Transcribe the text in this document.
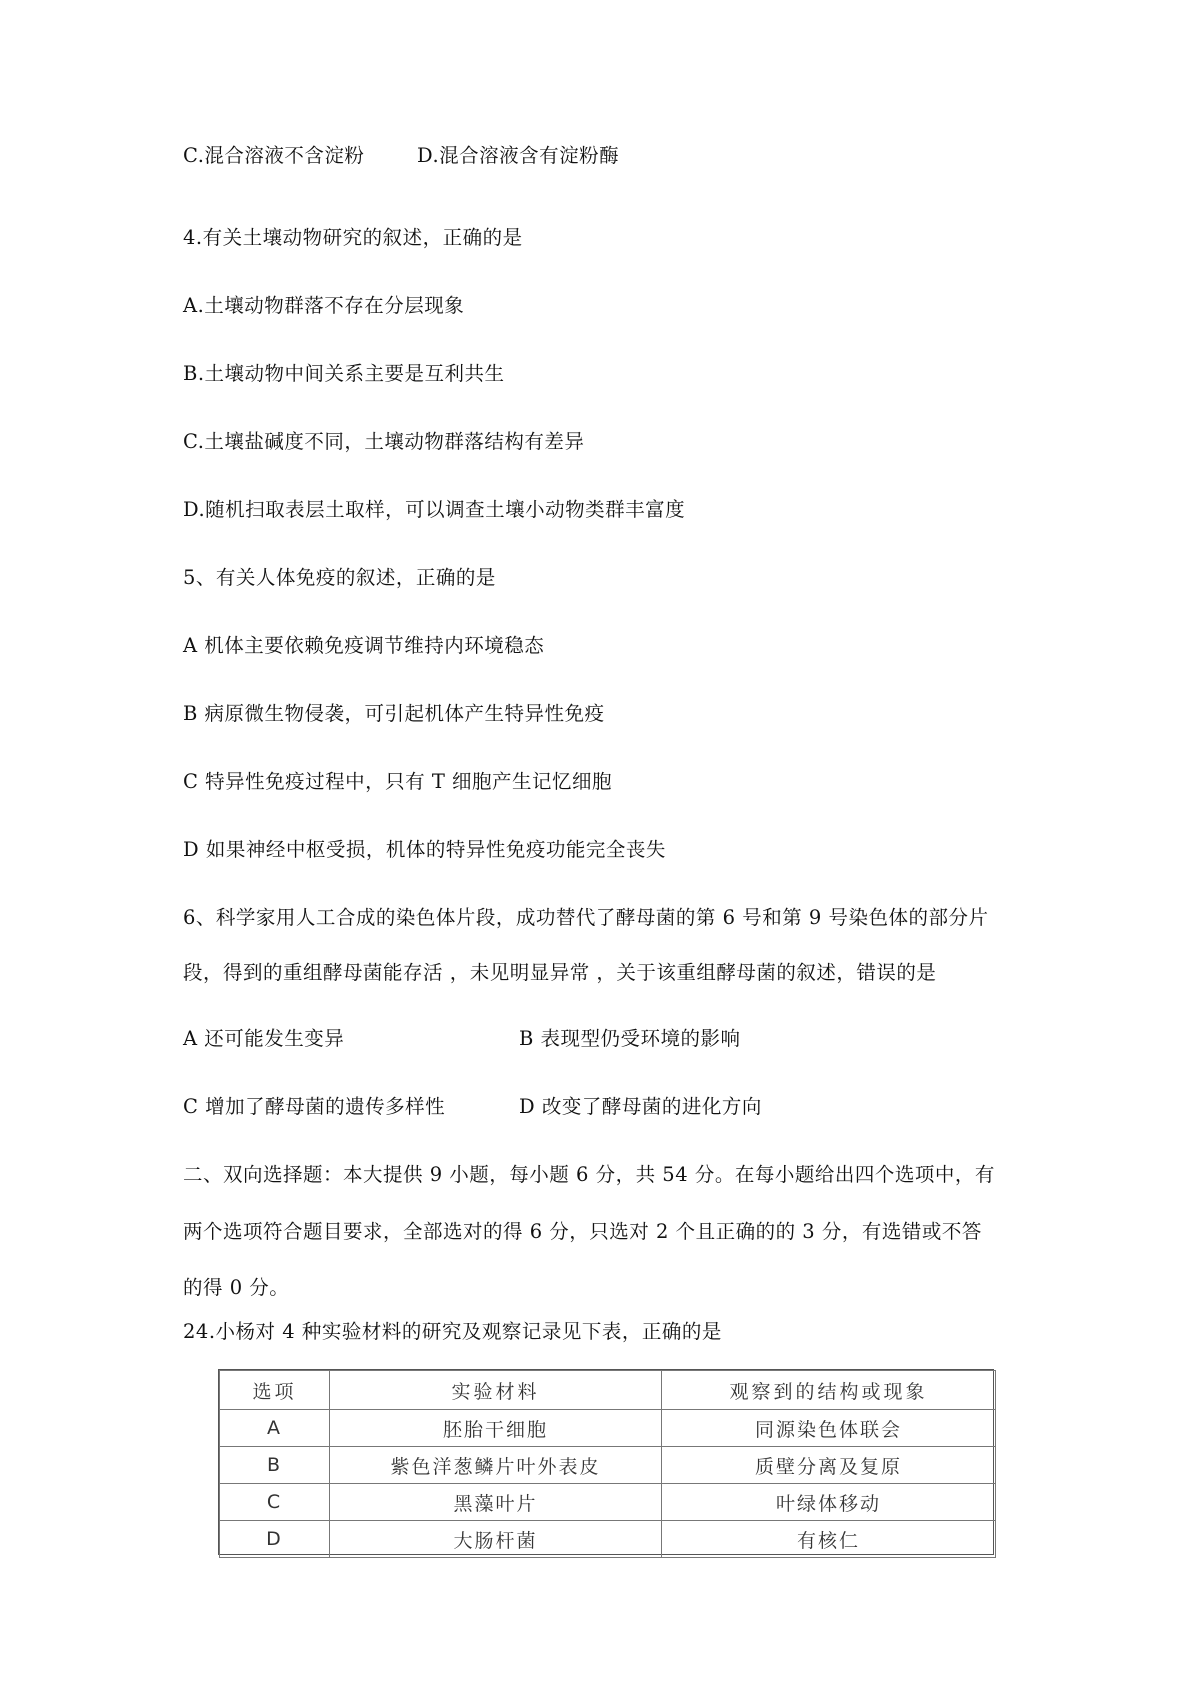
C.混合溶液不含淀粉	D.混合溶液含有淀粉酶
4.有关土壤动物研究的叙述，正确的是
A.土壤动物群落不存在分层现象
B.土壤动物中间关系主要是互利共生
C.土壤盐碱度不同，土壤动物群落结构有差异
D.随机扫取表层土取样，可以调查土壤小动物类群丰富度
5、有关人体免疫的叙述，正确的是
A 机体主要依赖免疫调节维持内环境稳态
B 病原微生物侵袭，可引起机体产生特异性免疫
C 特异性免疫过程中，只有 T 细胞产生记忆细胞
D 如果神经中枢受损，机体的特异性免疫功能完全丧失
6、科学家用人工合成的染色体片段，成功替代了酵母菌的第 6 号和第 9 号染色体的部分片
段，得到的重组酵母菌能存活 ，未见明显异常 ，关于该重组酵母菌的叙述，错误的是
A 还可能发生变异	B 表现型仍受环境的影响
C 增加了酵母菌的遗传多样性	D 改变了酵母菌的进化方向
二、双向选择题：本大提供 9 小题，每小题 6 分，共 54 分。在每小题给出四个选项中，有
两个选项符合题目要求，全部选对的得 6 分，只选对 2 个且正确的的 3 分，有选错或不答
的得 0 分。
24.小杨对 4 种实验材料的研究及观察记录见下表，正确的是
选项	实验材料	观察到的结构或现象
A	胚胎干细胞	同源染色体联会
B	紫色洋葱鳞片叶外表皮	质壁分离及复原
C	黑藻叶片	叶绿体移动
D	大肠杆菌	有核仁
